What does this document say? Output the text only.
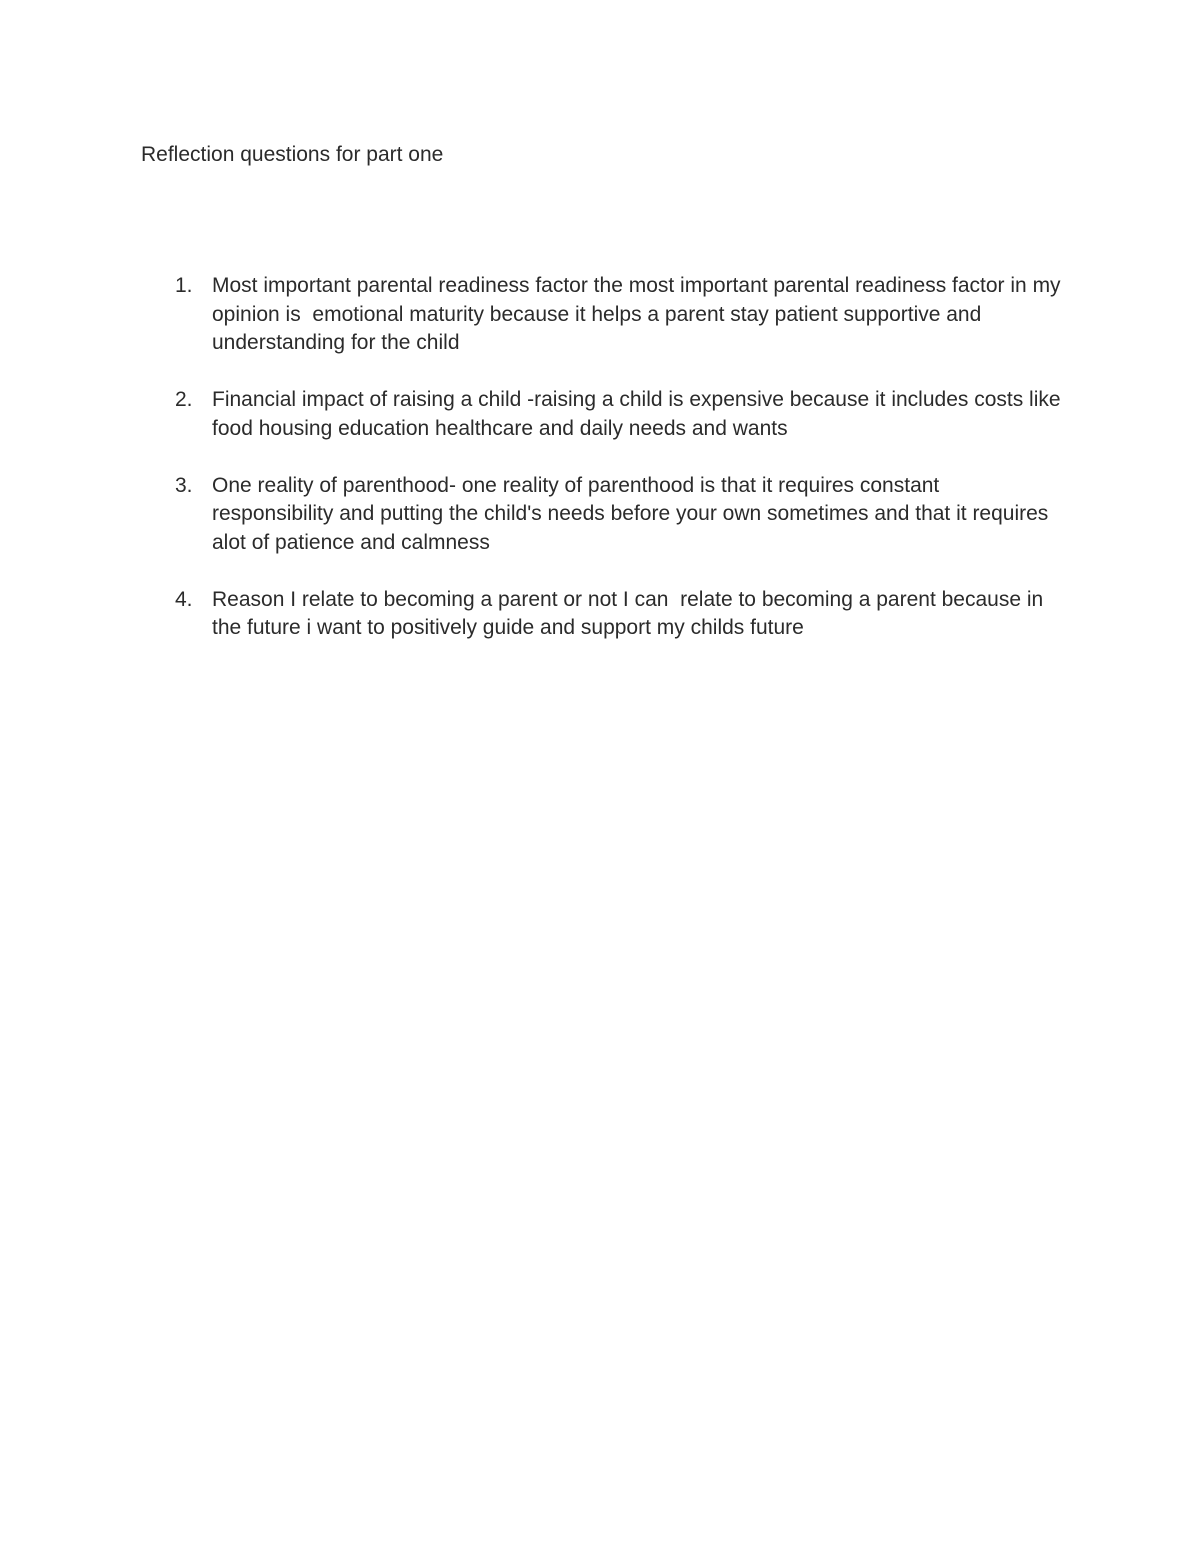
Reflection questions for part one
1. Most important parental readiness factor the most important parental readiness factor in my opinion is  emotional maturity because it helps a parent stay patient supportive and understanding for the child
2. Financial impact of raising a child -raising a child is expensive because it includes costs like food housing education healthcare and daily needs and wants
3. One reality of parenthood- one reality of parenthood is that it requires constant responsibility and putting the child's needs before your own sometimes and that it requires alot of patience and calmness
4. Reason I relate to becoming a parent or not I can  relate to becoming a parent because in the future i want to positively guide and support my childs future
